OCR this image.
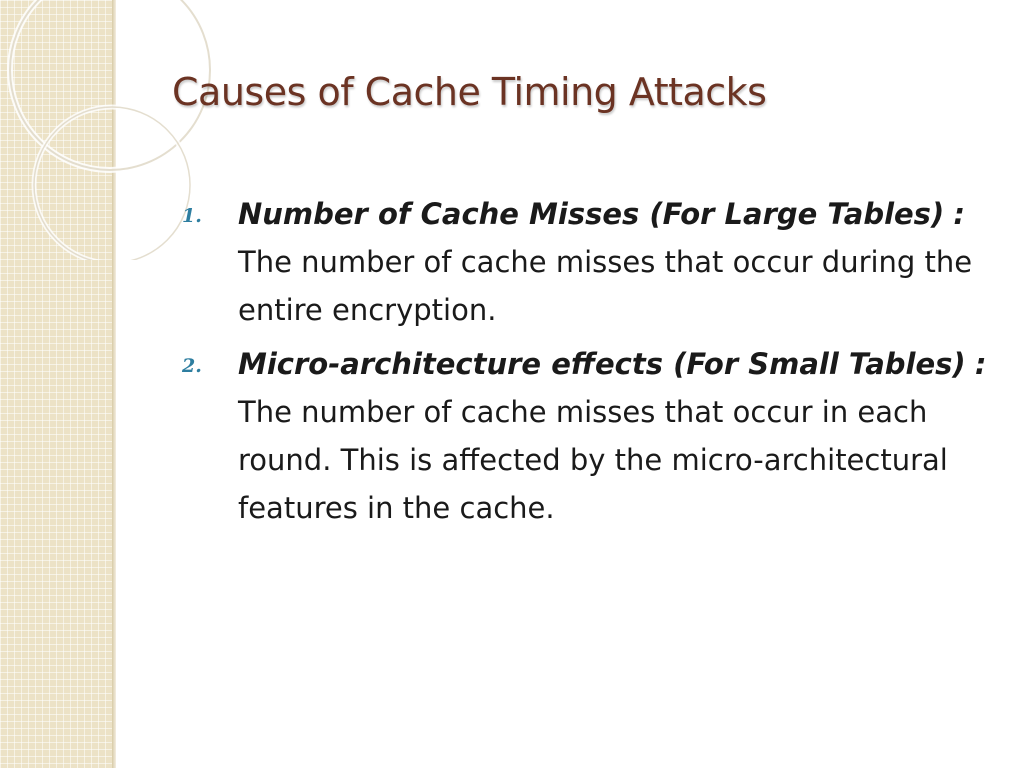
Causes of Cache Timing Attacks
1. Number of Cache Misses (For Large Tables) : The number of cache misses that occur during the entire encryption.
2. Micro-architecture effects (For Small Tables) : The number of cache misses that occur in each round. This is affected by the micro-architectural features in the cache.
